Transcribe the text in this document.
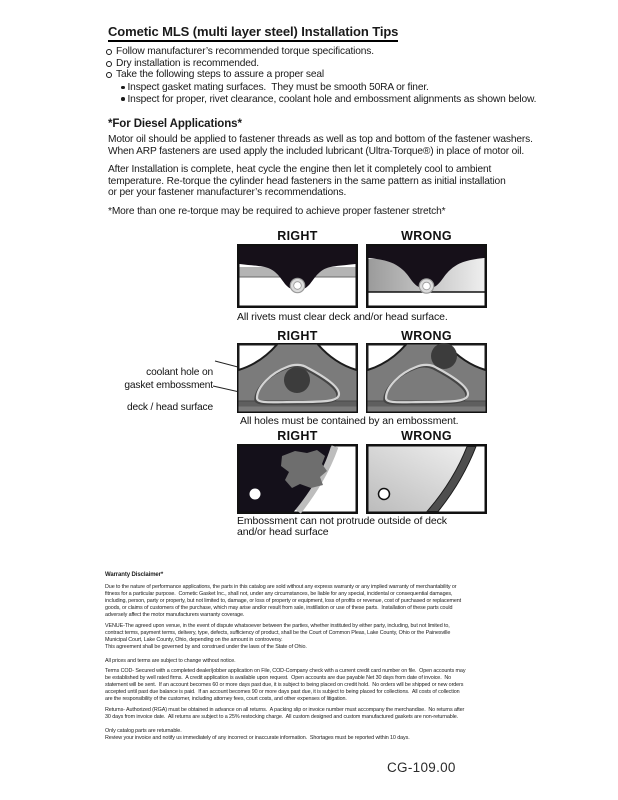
Cometic MLS (multi layer steel) Installation Tips
Follow manufacturer’s recommended torque specifications.
Dry installation is recommended.
Take the following steps to assure a proper seal
Inspect gasket mating surfaces.  They must be smooth 50RA or finer.
Inspect for proper, rivet clearance, coolant hole and embossment alignments as shown below.
*For Diesel Applications*
Motor oil should be applied to fastener threads as well as top and bottom of the fastener washers.
When ARP fasteners are used apply the included lubricant (Ultra-Torque®) in place of motor oil.
After Installation is complete, heat cycle the engine then let it completely cool to ambient
temperature. Re-torque the cylinder head fasteners in the same pattern as initial installation
or per your fastener manufacturer’s recommendations.
*More than one re-torque may be required to achieve proper fastener stretch*
RIGHT	WRONG
All rivets must clear deck and/or head surface.

coolant hole on

deck / head surface

gasket embossment
RIGHT	WRONG
All holes must be contained by an embossment.
RIGHT	WRONG
Embossment can not protrude outside of deck
and/or head surface
Warranty Disclaimer*
Due to the nature of performance applications, the parts in this catalog are sold without any express warranty or any implied warranty of merchantability or
fitness for a particular purpose.  Cometic Gasket Inc., shall not, under any circumstances, be liable for any special, incidental or consequential damages,
including, person, party or property, but not limited to, damage, or loss of property or equipment, loss of profits or revenue, cost of purchased or replacement
goods, or claims of customers of the purchase, which may arise and/or result from sale, instillation or use of these parts.  Installation of these parts could
adversely affect the motor manufacturers warranty coverage.
VENUE-The agreed upon venue, in the event of dispute whatsoever between the parties, whether instituted by either party, including, but not limited to,
contract terms, payment terms, delivery, type, defects, sufficiency of product, shall be the Court of Common Pleas, Lake County, Ohio or the Painesville
Municipal Court, Lake County, Ohio, depending on the amount in controversy.
This agreement shall be governed by and construed under the laws of the State of Ohio.
All prices and terms are subject to change without notice.
Terms COD- Secured with a completed dealer/jobber application on File, COD-Company check with a current credit card number on file.  Open accounts may
be established by well rated firms.  A credit application is available upon request.  Open accounts are due payable Net 30 days from date of invoice.  No
statement will be sent.  If an account becomes 60 or more days past due, it is subject to being placed on credit hold.  No orders will be shipped or new orders
accepted until past due balance is paid.  If an account becomes 90 or more days past due, it is subject to being placed for collections.  All costs of collection
are the responsibility of the customer, including attorney fees, court costs, and other expenses of litigation.
Returns- Authorized (RGA) must be obtained in advance on all returns.  A packing slip or invoice number must accompany the merchandise.  No returns after
30 days from invoice date.  All returns are subject to a 25% restocking charge.  All custom designed and custom manufactured gaskets are non-returnable.
Only catalog parts are returnable.
Review your invoice and notify us immediately of any incorrect or inaccurate information.  Shortages must be reported within 10 days.
CG-109.00
